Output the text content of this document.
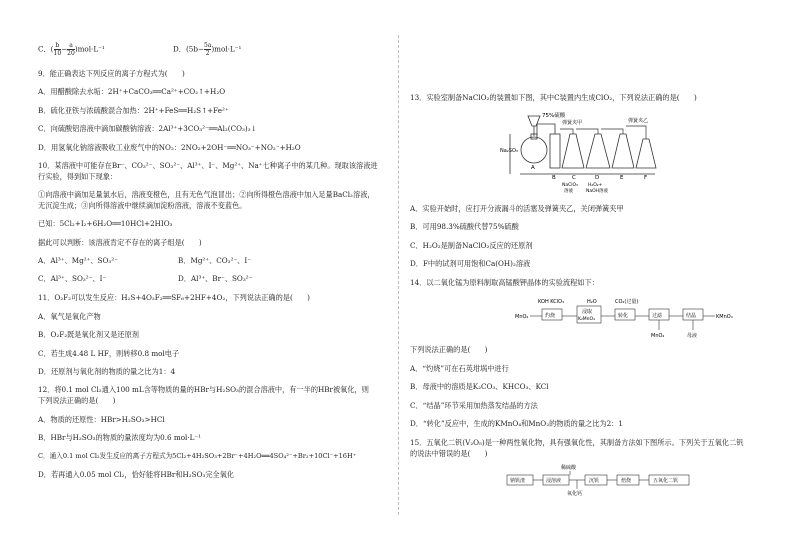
C．( $\frac{b}{10} - \frac{a}{20} )mol\cdot L^{-1}$	D．$(5b- \frac{5a}{2} )mol\cdot L^{-1}$
9．能正确表达下列反应的离子方程式为(　　)
A．用醋酸除去水垢：2H⁺+CaCO₃══Ca²⁺+CO₂↑+H₂O
B．硫化亚铁与浓硫酸混合加热：2H⁺+FeS══H₂S↑+Fe²⁺
C．向硫酸铝溶液中滴加碳酸钠溶液：2Al³⁺+3CO₃²⁻══Al₂(CO₃)₃↓
D．用氢氧化钠溶液吸收工业废气中的NO₂：2NO₂+2OH⁻══NO₃⁻+NO₂⁻+H₂O
10．某溶液中可能存在Br⁻、CO₃²⁻、SO₃²⁻、Al³⁺、I⁻、Mg²⁺、Na⁺七种离子中的某几种。现取该溶液进
行实验，得到如下现象：
①向溶液中滴加足量氯水后，溶液变橙色，且有无色气泡冒出；②向所得橙色溶液中加入足量BaCl₂溶液，
无沉淀生成；③向所得溶液中继续滴加淀粉溶液，溶液不变蓝色。
已知：5Cl₂+I₂+6H₂O══10HCl+2HIO₃
据此可以判断：该溶液肯定不存在的离子组是(　　)
A．Al³⁺、Mg²⁺、SO₃²⁻	B．Mg²⁺、CO₃²⁻、I⁻
C．Al³⁺、SO₃²⁻、I⁻	D．Al³⁺、Br⁻、SO₃²⁻
11．O₂F₂可以发生反应：H₂S+4O₂F₂══SF₆+2HF+4O₂，下列说法正确的是(　　)
A．氧气是氧化产物
B．O₂F₂既是氧化剂又是还原剂
C．若生成4.48 L HF，则转移0.8 mol电子
D．还原剂与氧化剂的物质的量之比为1：4
12．将0.1 mol Cl₂通入100 mL含等物质的量的HBr与H₂SO₃的混合溶液中，有一半的HBr被氧化，则
下列说法正确的是(　　)
A．物质的还原性：HBr>H₂SO₃>HCl
B．HBr与H₂SO₃的物质的量浓度均为0.6 mol·L⁻¹
C．通入0.1 mol Cl₂发生反应的离子方程式为5Cl₂+4H₂SO₃+2Br⁻+4H₂O══4SO₄²⁻+Br₂+10Cl⁻+16H⁺
D．若再通入0.05 mol Cl₂，恰好能将HBr和H₂SO₃完全氧化
13．实验室制备NaClO₂的装置如下图，其中C装置内生成ClO₂，下列说法正确的是(　　)
75%硫酸
Na₂SO₃
A
弹簧夹甲
B	C
NaClO₃
溶液
D
H₂O₂+
NaOH溶液
E	F
弹簧夹乙
A．实验开始时，应打开分液漏斗的活塞及弹簧夹乙，关闭弹簧夹甲
B．可用98.3%硫酸代替75%硫酸
C．H₂O₂是制备NaClO₂反应的还原剂
D．F中的试剂可用饱和Ca(OH)₂溶液
14．以二氧化锰为原料制取高锰酸钾晶体的实验流程如下：
KOH KClO₃	H₂O	CO₂(过量)
MnO₂	灼烧
浸取
K₂MnO₄
转化	过滤	结晶	KMnO₄
MnO₂	母液
下列说法正确的是(　　)
A．“灼烧”可在石英坩埚中进行
B．母液中的溶质是K₂CO₃、KHCO₃、KCl
C．“结晶”环节采用加热蒸发结晶的方法
D．“转化”反应中，生成的KMnO₄和MnO₂的物质的量之比为2：1
15．五氧化二钒(V₂O₅)是一种两性氧化物，具有强氧化性，其制备方法如下图所示。下列关于五氧化二钒
的说法中错误的是(　　)
稀硫酸
钠钒渣	浸溶液	沉钒	焙烧	五氧化二钒
氧化钙
